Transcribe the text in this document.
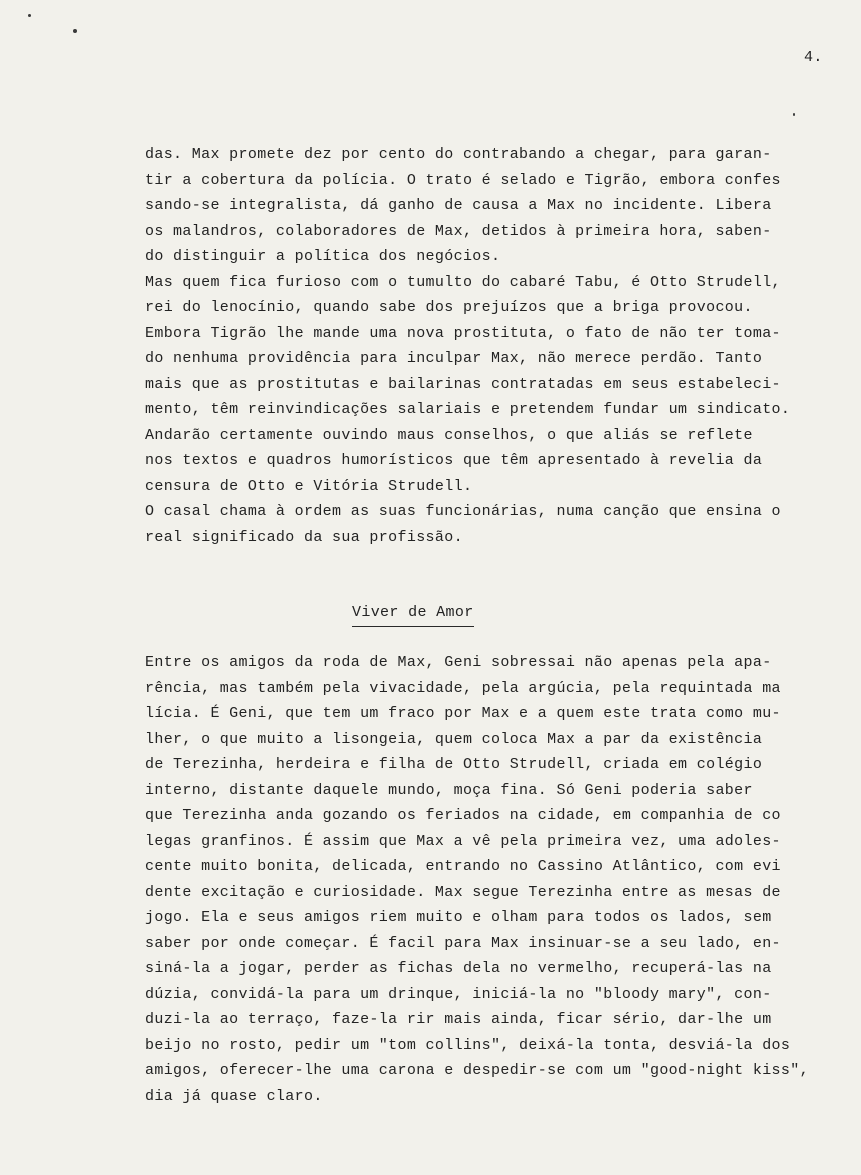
4.
das. Max promete dez por cento do contrabando a chegar, para garan-
tir a cobertura da polícia. O trato é selado e Tigrão, embora confes
sando-se integralista, dá ganho de causa a Max no incidente. Libera
os malandros, colaboradores de Max, detidos à primeira hora, saben-
do distinguir a política dos negócios.
Mas quem fica furioso com o tumulto do cabaré Tabu, é Otto Strudell,
rei do lenocínio, quando sabe dos prejuízos que a briga provocou.
Embora Tigrão lhe mande uma nova prostituta, o fato de não ter toma-
do nenhuma providência para inculpar Max, não merece perdão. Tanto
mais que as prostitutas e bailarinas contratadas em seus estabeleci-
mento, têm reinvindicações salariais e pretendem fundar um sindicato.
Andarão certamente ouvindo maus conselhos, o que aliás se reflete
nos textos e quadros humorísticos que têm apresentado à revelia da
censura de Otto e Vitória Strudell.
O casal chama à ordem as suas funcionárias, numa canção que ensina o
real significado da sua profissão.
Viver de Amor
Entre os amigos da roda de Max, Geni sobressai não apenas pela apa-
rência, mas também pela vivacidade, pela argúcia, pela requintada ma
lícia. É Geni, que tem um fraco por Max e a quem este trata como mu-
lher, o que muito a lisongeia, quem coloca Max a par da existência
de Terezinha, herdeira e filha de Otto Strudell, criada em colégio
interno, distante daquele mundo, moça fina. Só Geni poderia saber
que Terezinha anda gozando os feriados na cidade, em companhia de co
legas granfinos. É assim que Max a vê pela primeira vez, uma adoles-
cente muito bonita, delicada, entrando no Cassino Atlântico, com evi
dente excitação e curiosidade. Max segue Terezinha entre as mesas de
jogo. Ela e seus amigos riem muito e olham para todos os lados, sem
saber por onde começar. É facil para Max insinuar-se a seu lado, en-
siná-la a jogar, perder as fichas dela no vermelho, recuperá-las na
dúzia, convidá-la para um drinque, iniciá-la no "bloody mary", con-
duzi-la ao terraço, faze-la rir mais ainda, ficar sério, dar-lhe um
beijo no rosto, pedir um "tom collins", deixá-la tonta, desviá-la dos
amigos, oferecer-lhe uma carona e despedir-se com um "good-night kiss",
dia já quase claro.
